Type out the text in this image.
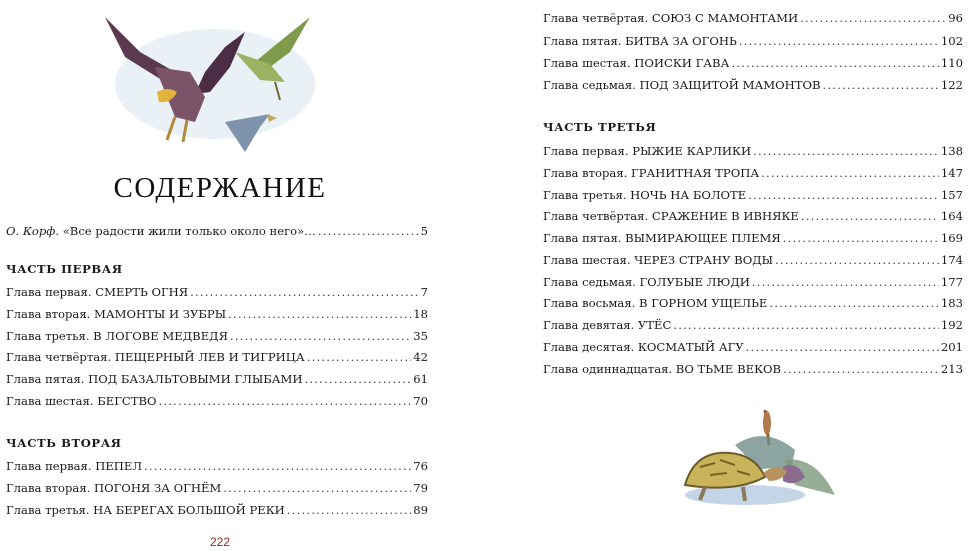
СОДЕРЖАНИЕ
О. Корф. «Все радости жили только около него»… .....	5
ЧАСТЬ ПЕРВАЯ
Глава первая. СМЕРТЬ ОГНЯ .....	7
Глава вторая. МАМОНТЫ И ЗУБРЫ .....	18
Глава третья. В ЛОГОВЕ МЕДВЕДЯ .....	35
Глава четвёртая. ПЕЩЕРНЫЙ ЛЕВ И ТИГРИЦА .....	42
Глава пятая. ПОД БАЗАЛЬТОВЫМИ ГЛЫБАМИ .....	61
Глава шестая. БЕГСТВО .....	70
ЧАСТЬ ВТОРАЯ
Глава первая. ПЕПЕЛ .....	76
Глава вторая. ПОГОНЯ ЗА ОГНЁМ .....	79
Глава третья. НА БЕРЕГАХ БОЛЬШОЙ РЕКИ .....	89
222
Глава четвёртая. СОЮЗ С МАМОНТАМИ .....	96
Глава пятая. БИТВА ЗА ОГОНЬ .....	102
Глава шестая. ПОИСКИ ГАВА .....	110
Глава седьмая. ПОД ЗАЩИТОЙ МАМОНТОВ .....	122
ЧАСТЬ ТРЕТЬЯ
Глава первая. РЫЖИЕ КАРЛИКИ .....	138
Глава вторая. ГРАНИТНАЯ ТРОПА .....	147
Глава третья. НОЧЬ НА БОЛОТЕ .....	157
Глава четвёртая. СРАЖЕНИЕ В ИВНЯКЕ .....	164
Глава пятая. ВЫМИРАЮЩЕЕ ПЛЕМЯ .....	169
Глава шестая. ЧЕРЕЗ СТРАНУ ВОДЫ .....	174
Глава седьмая. ГОЛУБЫЕ ЛЮДИ .....	177
Глава восьмая. В ГОРНОМ УЩЕЛЬЕ .....	183
Глава девятая. УТЁС .....	192
Глава десятая. КОСМАТЫЙ АГУ .....	201
Глава одиннадцатая. ВО ТЬМЕ ВЕКОВ .....	213
